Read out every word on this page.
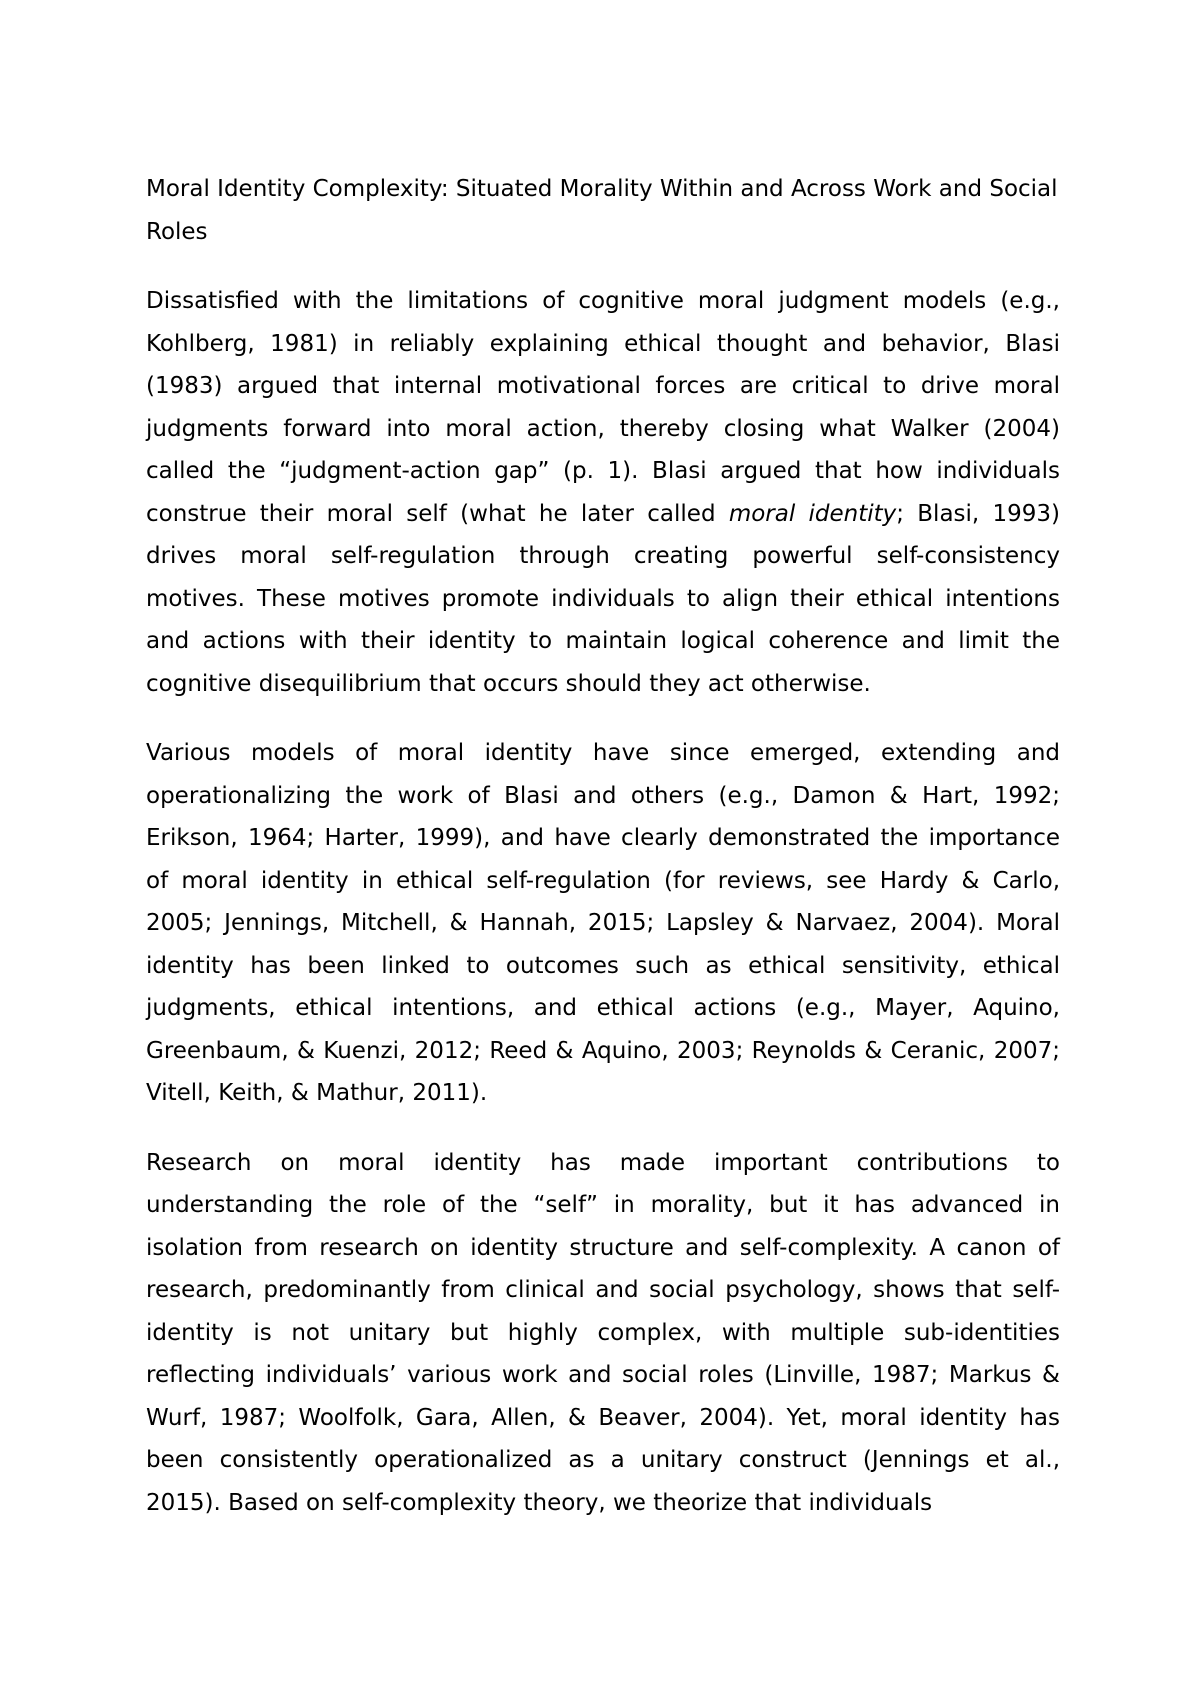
Moral Identity Complexity: Situated Morality Within and Across Work and Social Roles

Dissatisfied with the limitations of cognitive moral judgment models (e.g., Kohlberg, 1981) in reliably explaining ethical thought and behavior, Blasi (1983) argued that internal motivational forces are critical to drive moral judgments forward into moral action, thereby closing what Walker (2004) called the “judgment-action gap” (p. 1). Blasi argued that how individuals construe their moral self (what he later called moral identity; Blasi, 1993) drives moral self-regulation through creating powerful self-consistency motives. These motives promote individuals to align their ethical intentions and actions with their identity to maintain logical coherence and limit the cognitive disequilibrium that occurs should they act otherwise.

Various models of moral identity have since emerged, extending and operationalizing the work of Blasi and others (e.g., Damon & Hart, 1992; Erikson, 1964; Harter, 1999), and have clearly demonstrated the importance of moral identity in ethical self-regulation (for reviews, see Hardy & Carlo, 2005; Jennings, Mitchell, & Hannah, 2015; Lapsley & Narvaez, 2004). Moral identity has been linked to outcomes such as ethical sensitivity, ethical judgments, ethical intentions, and ethical actions (e.g., Mayer, Aquino, Greenbaum, & Kuenzi, 2012; Reed & Aquino, 2003; Reynolds & Ceranic, 2007; Vitell, Keith, & Mathur, 2011).

Research on moral identity has made important contributions to understanding the role of the “self” in morality, but it has advanced in isolation from research on identity structure and self-complexity. A canon of research, predominantly from clinical and social psychology, shows that self-identity is not unitary but highly complex, with multiple sub-identities reflecting individuals’ various work and social roles (Linville, 1987; Markus & Wurf, 1987; Woolfolk, Gara, Allen, & Beaver, 2004). Yet, moral identity has been consistently operationalized as a unitary construct (Jennings et al., 2015). Based on self-complexity theory, we theorize that individuals
